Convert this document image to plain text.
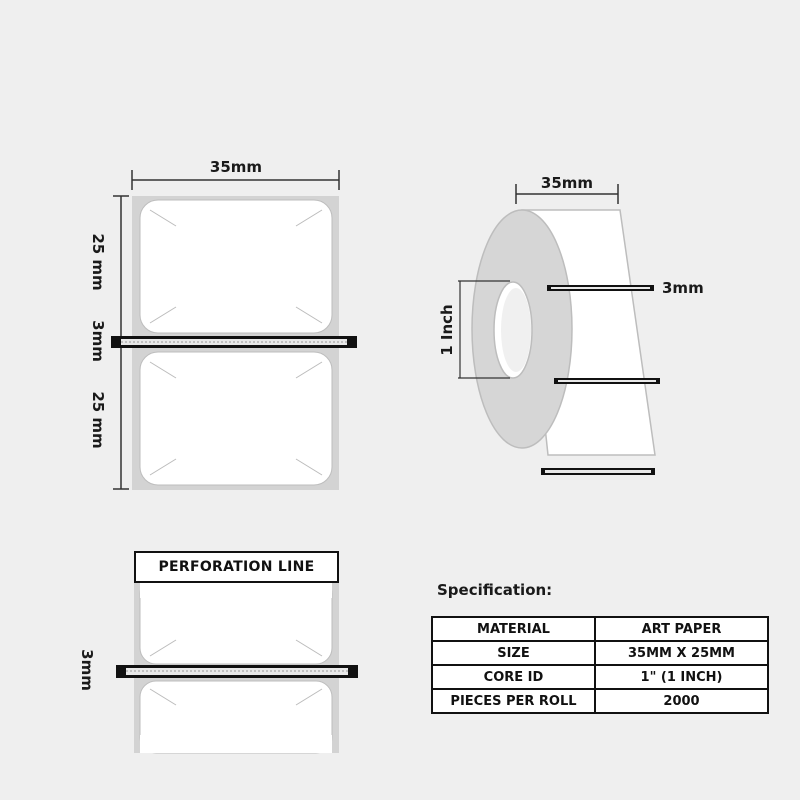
35mm
25 mm
3mm
25 mm
35mm
1 Inch
3mm
3mm
PERFORATION LINE
Specification:
MATERIAL	ART PAPER
SIZE	35MM X 25MM
CORE ID	1" (1 INCH)
PIECES PER ROLL	2000
